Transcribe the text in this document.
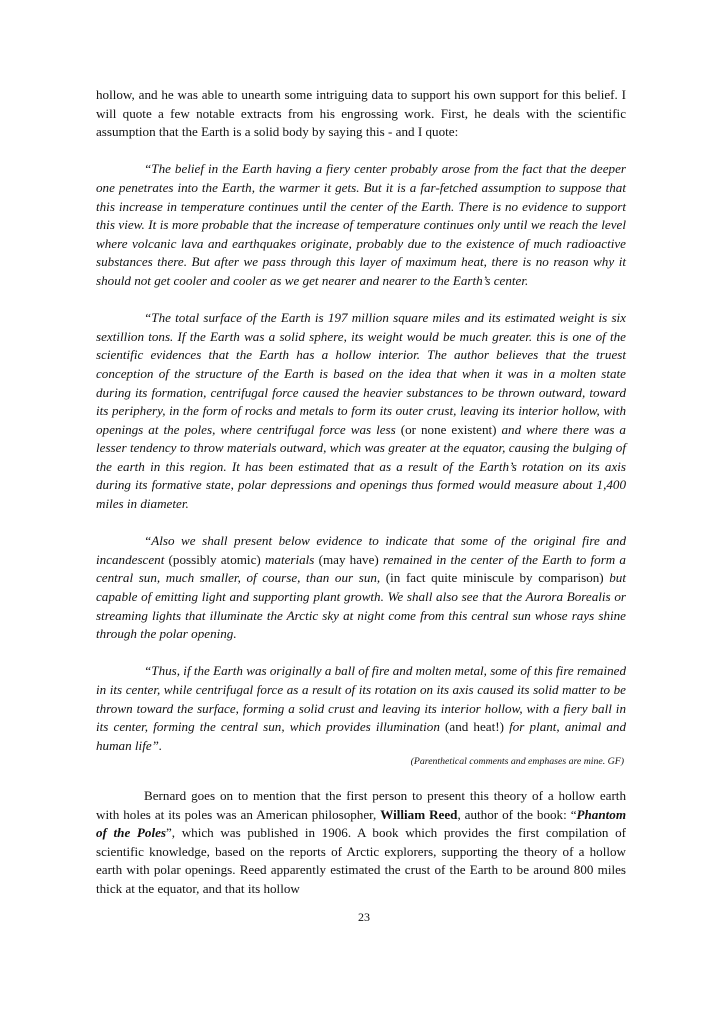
hollow, and he was able to unearth some intriguing data to support his own support for this belief. I will quote a few notable extracts from his engrossing work. First, he deals with the scientific assumption that the Earth is a solid body by saying this - and I quote:

“The belief in the Earth having a fiery center probably arose from the fact that the deeper one penetrates into the Earth, the warmer it gets. But it is a far-fetched assumption to suppose that this increase in temperature continues until the center of the Earth. There is no evidence to support this view. It is more probable that the increase of temperature continues only until we reach the level where volcanic lava and earthquakes originate, probably due to the existence of much radioactive substances there. But after we pass through this layer of maximum heat, there is no reason why it should not get cooler and cooler as we get nearer and nearer to the Earth’s center.

“The total surface of the Earth is 197 million square miles and its estimated weight is six sextillion tons. If the Earth was a solid sphere, its weight would be much greater. this is one of the scientific evidences that the Earth has a hollow interior. The author believes that the truest conception of the structure of the Earth is based on the idea that when it was in a molten state during its formation, centrifugal force caused the heavier substances to be thrown outward, toward its periphery, in the form of rocks and metals to form its outer crust, leaving its interior hollow, with openings at the poles, where centrifugal force was less (or none existent) and where there was a lesser tendency to throw materials outward, which was greater at the equator, causing the bulging of the earth in this region. It has been estimated that as a result of the Earth’s rotation on its axis during its formative state, polar depressions and openings thus formed would measure about 1,400 miles in diameter.

“Also we shall present below evidence to indicate that some of the original fire and incandescent (possibly atomic) materials (may have) remained in the center of the Earth to form a central sun, much smaller, of course, than our sun, (in fact quite miniscule by comparison) but capable of emitting light and supporting plant growth. We shall also see that the Aurora Borealis or streaming lights that illuminate the Arctic sky at night come from this central sun whose rays shine through the polar opening.

“Thus, if the Earth was originally a ball of fire and molten metal, some of this fire remained in its center, while centrifugal force as a result of its rotation on its axis caused its solid matter to be thrown toward the surface, forming a solid crust and leaving its interior hollow, with a fiery ball in its center, forming the central sun, which provides illumination (and heat!) for plant, animal and human life”.

(Parenthetical comments and emphases are mine. GF)

Bernard goes on to mention that the first person to present this theory of a hollow earth with holes at its poles was an American philosopher, William Reed, author of the book: “Phantom of the Poles”, which was published in 1906. A book which provides the first compilation of scientific knowledge, based on the reports of Arctic explorers, supporting the theory of a hollow earth with polar openings. Reed apparently estimated the crust of the Earth to be around 800 miles thick at the equator, and that its hollow

23
